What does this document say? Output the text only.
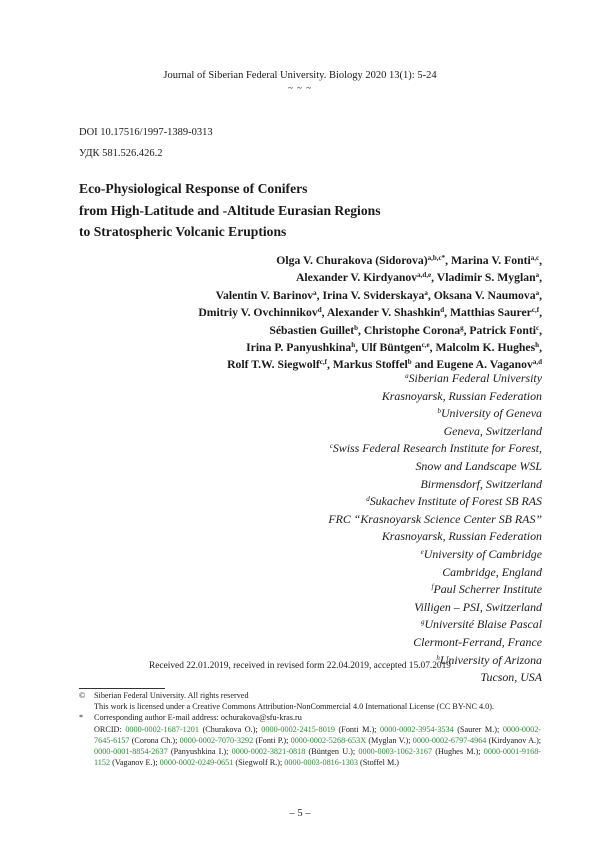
Journal of Siberian Federal University. Biology 2020 13(1): 5-24
~ ~ ~
DOI 10.17516/1997-1389-0313
УДК 581.526.426.2
Eco-Physiological Response of Conifers
from High-Latitude and -Altitude Eurasian Regions
to Stratospheric Volcanic Eruptions
Olga V. Churakova (Sidorova)$^{a,b,c*}$, Marina V. Fonti$^{a,c}$,
Alexander V. Kirdyanov$^{a,d,e}$, Vladimir S. Myglan$^a$,
Valentin V. Barinov$^a$, Irina V. Sviderskaya$^a$, Oksana V. Naumova$^a$,
Dmitriy V. Ovchinnikov$^d$, Alexander V. Shashkin$^d$, Matthias Saurer$^{c,f}$,
Sébastien Guillet$^b$, Christophe Corona$^g$, Patrick Fonti$^c$,
Irina P. Panyushkina$^h$, Ulf Büntgen$^{c,e}$, Malcolm K. Hughes$^h$,
Rolf T.W. Siegwolf$^{c,f}$, Markus Stoffel$^b$ and Eugene A. Vaganov$^{a,d}$
$^a$Siberian Federal University
Krasnoyarsk, Russian Federation
$^b$University of Geneva
Geneva, Switzerland
$^c$Swiss Federal Research Institute for Forest,
Snow and Landscape WSL
Birmensdorf, Switzerland
$^d$Sukachev Institute of Forest SB RAS
FRC “Krasnoyarsk Science Center SB RAS”
Krasnoyarsk, Russian Federation
$^e$University of Cambridge
Cambridge, England
$^f$Paul Scherrer Institute
Villigen – PSI, Switzerland
$^g$Université Blaise Pascal
Clermont-Ferrand, France
$^h$University of Arizona
Tucson, USA
Received 22.01.2019, received in revised form 22.04.2019, accepted 15.07.2019
© Siberian Federal University. All rights reserved
This work is licensed under a Creative Commons Attribution-NonCommercial 4.0 International License (CC BY-NC 4.0).
* Corresponding author E-mail address: ochurakova@sfu-kras.ru
ORCID: 0000-0002-1687-1201 (Churakova O.); 0000-0002-2415-8019 (Fonti M.); 0000-0002-3954-3534 (Saurer M.); 0000-0002-7645-6157 (Corona Ch.); 0000-0002-7070-3292 (Fonti P.); 0000-0002-5268-653X (Myglan V.); 0000-0002-6797-4964 (Kirdyanov A.); 0000-0001-8854-2637 (Panyushkina I.); 0000-0002-3821-0818 (Büntgen U.); 0000-0003-1062-3167 (Hughes M.); 0000-0001-9168-1152 (Vaganov E.); 0000-0002-0249-0651 (Siegwolf R.); 0000-0003-0816-1303 (Stoffel M.)
– 5 –
